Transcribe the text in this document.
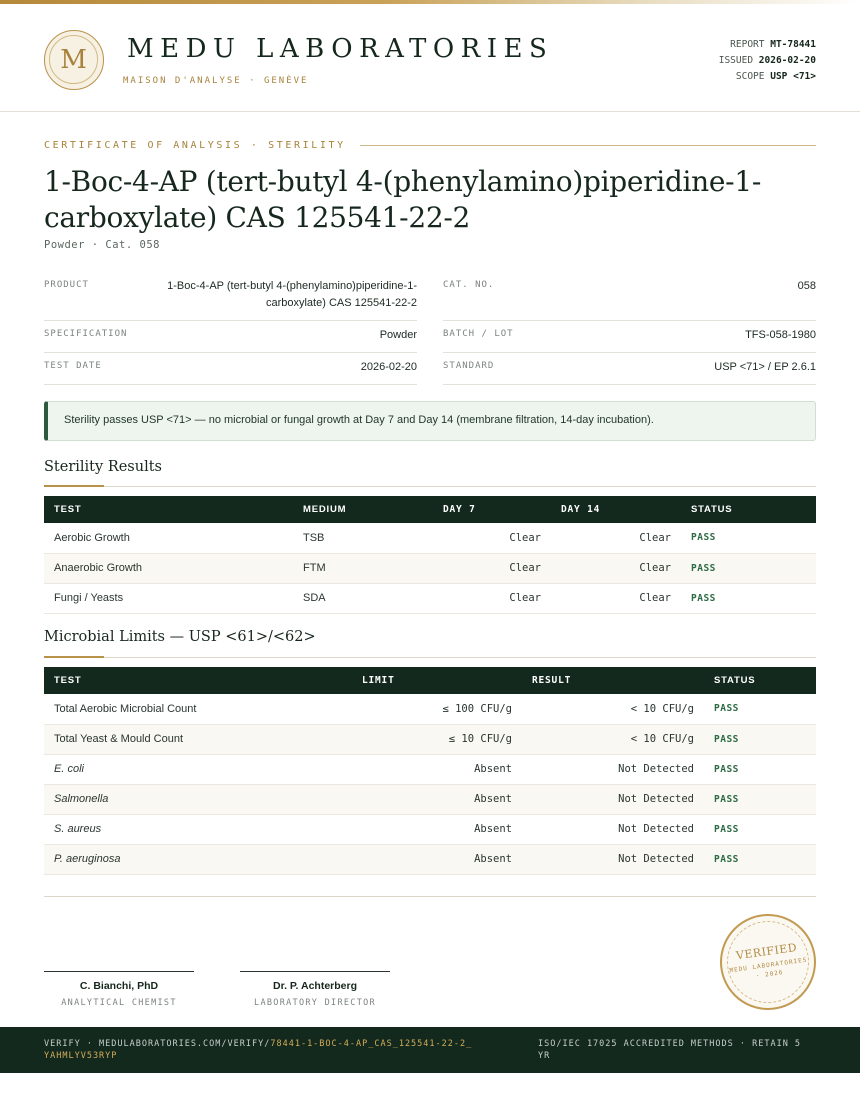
M	MEDU LABORATORIES
MAISON D'ANALYSE · GENÈVE
REPORT MT-78441
ISSUED 2026-02-20
SCOPE USP <71>
CERTIFICATE OF ANALYSIS · STERILITY
1-Boc-4-AP (tert-butyl 4-(phenylamino)piperidine-1-carboxylate) CAS 125541-22-2
Powder · Cat. 058
PRODUCT	1-Boc-4-AP (tert-butyl 4-(phenylamino)piperidine-1-carboxylate) CAS 125541-22-2
SPECIFICATION	Powder
TEST DATE	2026-02-20
CAT. NO.	058
BATCH / LOT	TFS-058-1980
STANDARD	USP <71> / EP 2.6.1
Sterility passes USP <71> — no microbial or fungal growth at Day 7 and Day 14 (membrane filtration, 14-day incubation).
Sterility Results
TEST	MEDIUM	DAY 7	DAY 14	STATUS
Aerobic Growth	TSB	Clear	Clear	PASS
Anaerobic Growth	FTM	Clear	Clear	PASS
Fungi / Yeasts	SDA	Clear	Clear	PASS
Microbial Limits — USP <61>/<62>
TEST	LIMIT	RESULT	STATUS
Total Aerobic Microbial Count	≤ 100 CFU/g	< 10 CFU/g	PASS
Total Yeast & Mould Count	≤ 10 CFU/g	< 10 CFU/g	PASS
E. coli	Absent	Not Detected	PASS
Salmonella	Absent	Not Detected	PASS
S. aureus	Absent	Not Detected	PASS
P. aeruginosa	Absent	Not Detected	PASS
C. Bianchi, PhD
ANALYTICAL CHEMIST
Dr. P. Achterberg
LABORATORY DIRECTOR
VERIFIED
MEDU LABORATORIES · 2026
VERIFY · MEDULABORATORIES.COM/VERIFY/78441-1-BOC-4-AP_CAS_125541-22-2_YAHMLYV53RYP
ISO/IEC 17025 ACCREDITED METHODS · RETAIN 5 YR
